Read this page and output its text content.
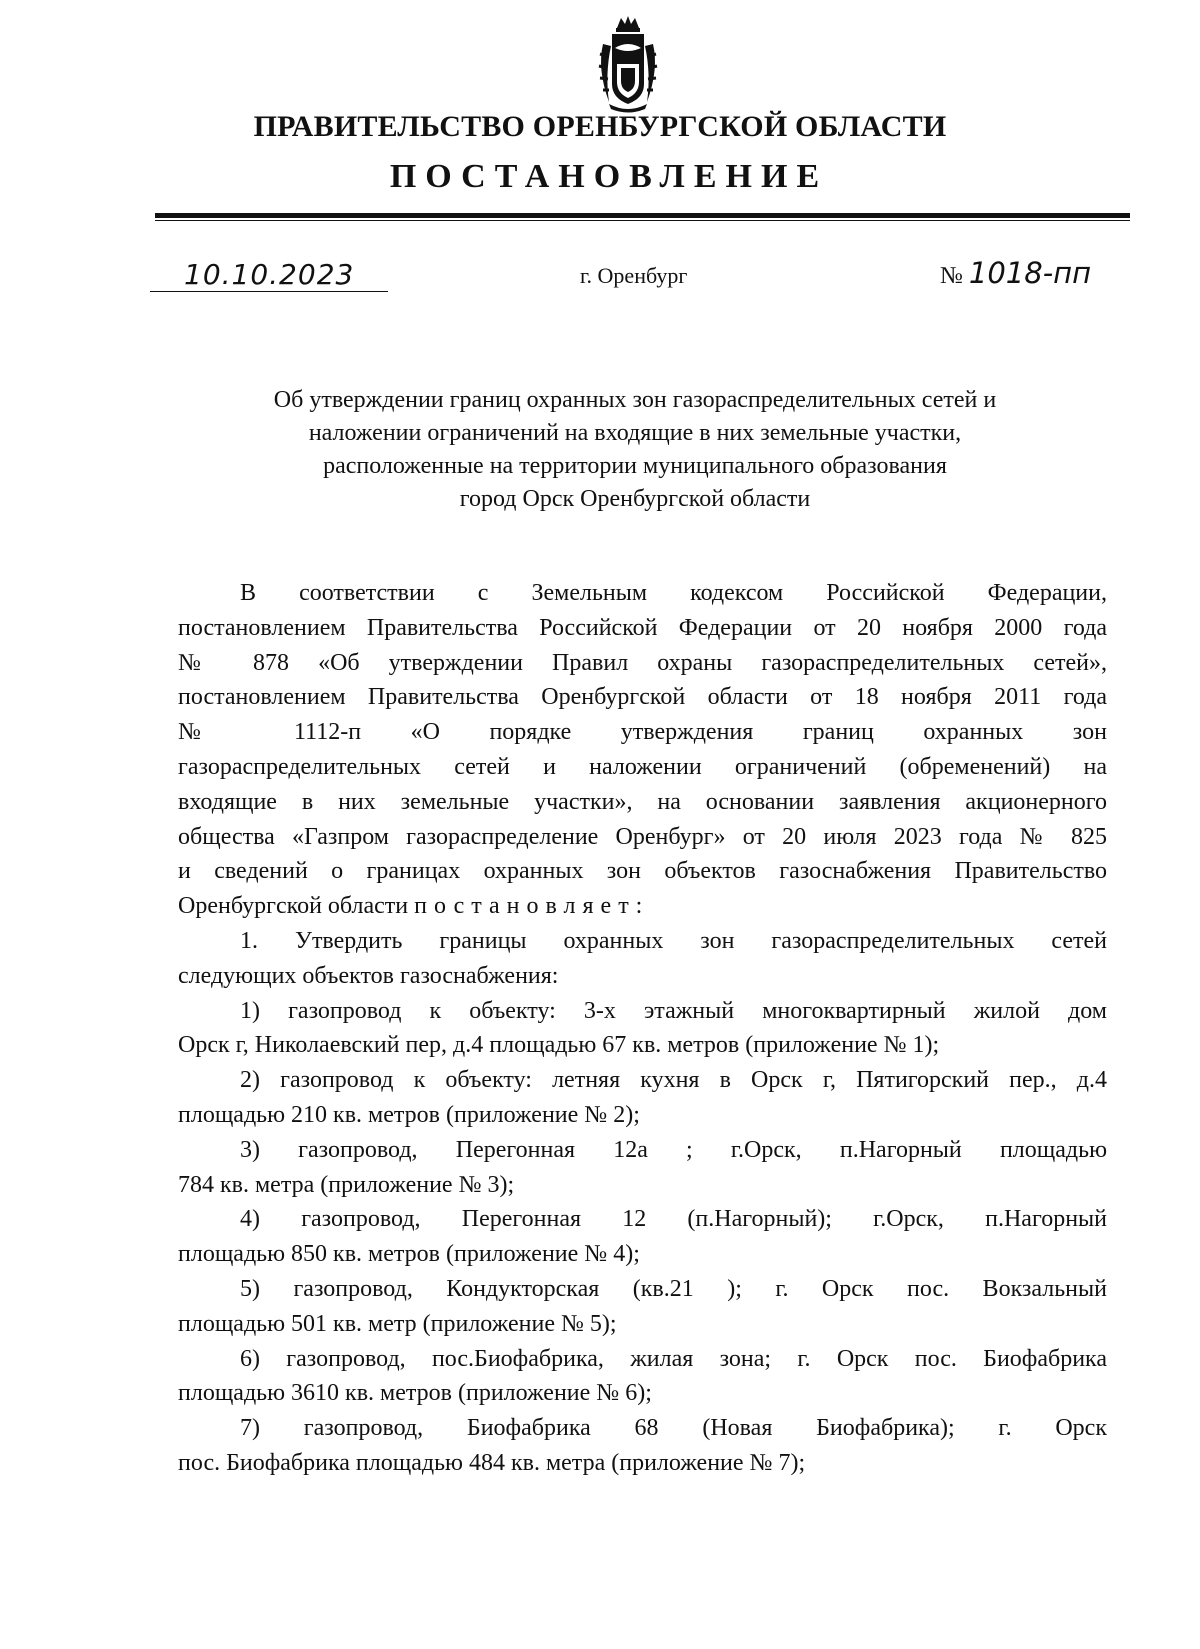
ПРАВИТЕЛЬСТВО ОРЕНБУРГСКОЙ ОБЛАСТИ
ПОСТАНОВЛЕНИЕ
10.10.2023	г. Оренбург	№ 1018-пп
Об утверждении границ охранных зон газораспределительных сетей и
наложении ограничений на входящие в них земельные участки,
расположенные на территории муниципального образования
город Орск Оренбургской области
В соответствии с Земельным кодексом Российской Федерации,
постановлением Правительства Российской Федерации от 20 ноября 2000 года
№ 878 «Об утверждении Правил охраны газораспределительных сетей»,
постановлением Правительства Оренбургской области от 18 ноября 2011 года
№ 1112-п «О порядке утверждения границ охранных зон
газораспределительных сетей и наложении ограничений (обременений) на
входящие в них земельные участки», на основании заявления акционерного
общества «Газпром газораспределение Оренбург» от 20 июля 2023 года № 825
и сведений о границах охранных зон объектов газоснабжения Правительство
Оренбургской области постановляет:
1. Утвердить границы охранных зон газораспределительных сетей
следующих объектов газоснабжения:
1) газопровод к объекту: 3-х этажный многоквартирный жилой дом
Орск г, Николаевский пер, д.4 площадью 67 кв. метров (приложение № 1);
2) газопровод к объекту: летняя кухня в Орск г, Пятигорский пер., д.4
площадью 210 кв. метров (приложение № 2);
3) газопровод, Перегонная 12а ; г.Орск, п.Нагорный площадью
784 кв. метра (приложение № 3);
4) газопровод, Перегонная 12 (п.Нагорный); г.Орск, п.Нагорный
площадью 850 кв. метров (приложение № 4);
5) газопровод, Кондукторская (кв.21 ); г. Орск пос. Вокзальный
площадью 501 кв. метр (приложение № 5);
6) газопровод, пос.Биофабрика, жилая зона; г. Орск пос. Биофабрика
площадью 3610 кв. метров (приложение № 6);
7) газопровод, Биофабрика 68 (Новая Биофабрика); г. Орск
пос. Биофабрика площадью 484 кв. метра (приложение № 7);
